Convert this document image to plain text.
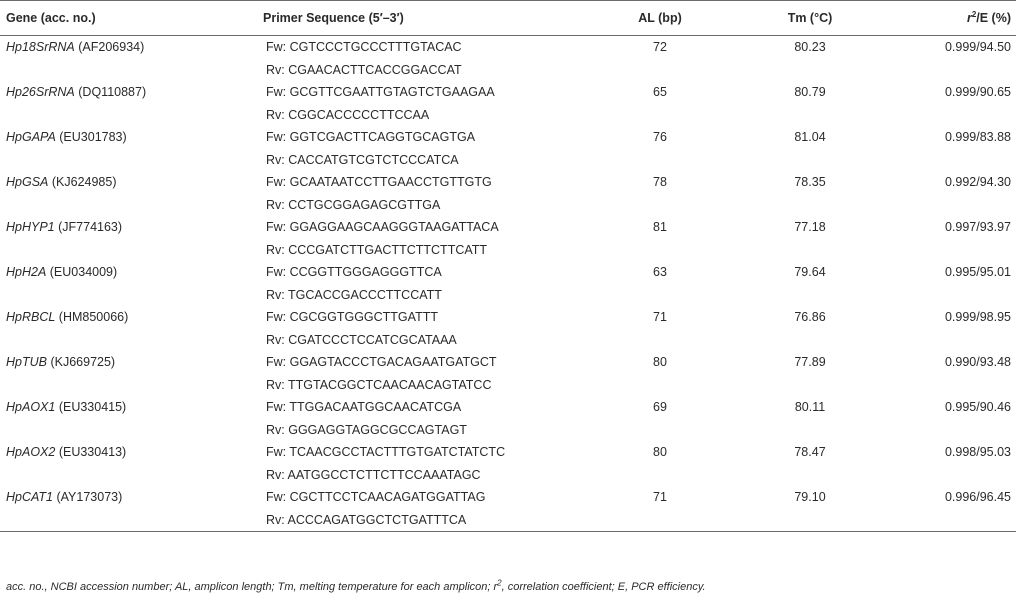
Gene (acc. no.)	Primer Sequence (5′–3′)	AL (bp)	Tm (°C)	$r^2/E$ (%)
Hp18SrRNA (AF206934)	Fw: CGTCCCTGCCCTTTGTACAC	72	80.23	0.999/94.50
	Rv: CGAACACTTCACCGGACCAT			
Hp26SrRNA (DQ110887)	Fw: GCGTTCGAATTGTAGTCTGAAGAA	65	80.79	0.999/90.65
	Rv: CGGCACCCCCTTCCAA			
HpGAPA (EU301783)	Fw: GGTCGACTTCAGGTGCAGTGA	76	81.04	0.999/83.88
	Rv: CACCATGTCGTCTCCCATCA			
HpGSA (KJ624985)	Fw: GCAATAATCCTTGAACCTGTTGTG	78	78.35	0.992/94.30
	Rv: CCTGCGGAGAGCGTTGA			
HpHYP1 (JF774163)	Fw: GGAGGAAGCAAGGGTAAGATTACA	81	77.18	0.997/93.97
	Rv: CCCGATCTTGACTTCTTCTTCATT			
HpH2A (EU034009)	Fw: CCGGTTGGGAGGGTTCA	63	79.64	0.995/95.01
	Rv: TGCACCGACCCTTCCATT			
HpRBCL (HM850066)	Fw: CGCGGTGGGCTTGATTT	71	76.86	0.999/98.95
	Rv: CGATCCCTCCATCGCATAAA			
HpTUB (KJ669725)	Fw: GGAGTACCCTGACAGAATGATGCT	80	77.89	0.990/93.48
	Rv: TTGTACGGCTCAACAACAGTATCC			
HpAOX1 (EU330415)	Fw: TTGGACAATGGCAACATCGA	69	80.11	0.995/90.46
	Rv: GGGAGGTAGGCGCCAGTAGT			
HpAOX2 (EU330413)	Fw: TCAACGCCTACTTTGTGATCTATCTC	80	78.47	0.998/95.03
	Rv: AATGGCCTCTTCTTCCAAATAGC			
HpCAT1 (AY173073)	Fw: CGCTTCCTCAACAGATGGATTAG	71	79.10	0.996/96.45
	Rv: ACCCAGATGGCTCTGATTTCA			
acc. no., NCBI accession number; AL, amplicon length; Tm, melting temperature for each amplicon; $r^2$, correlation coefficient; E, PCR efficiency.
